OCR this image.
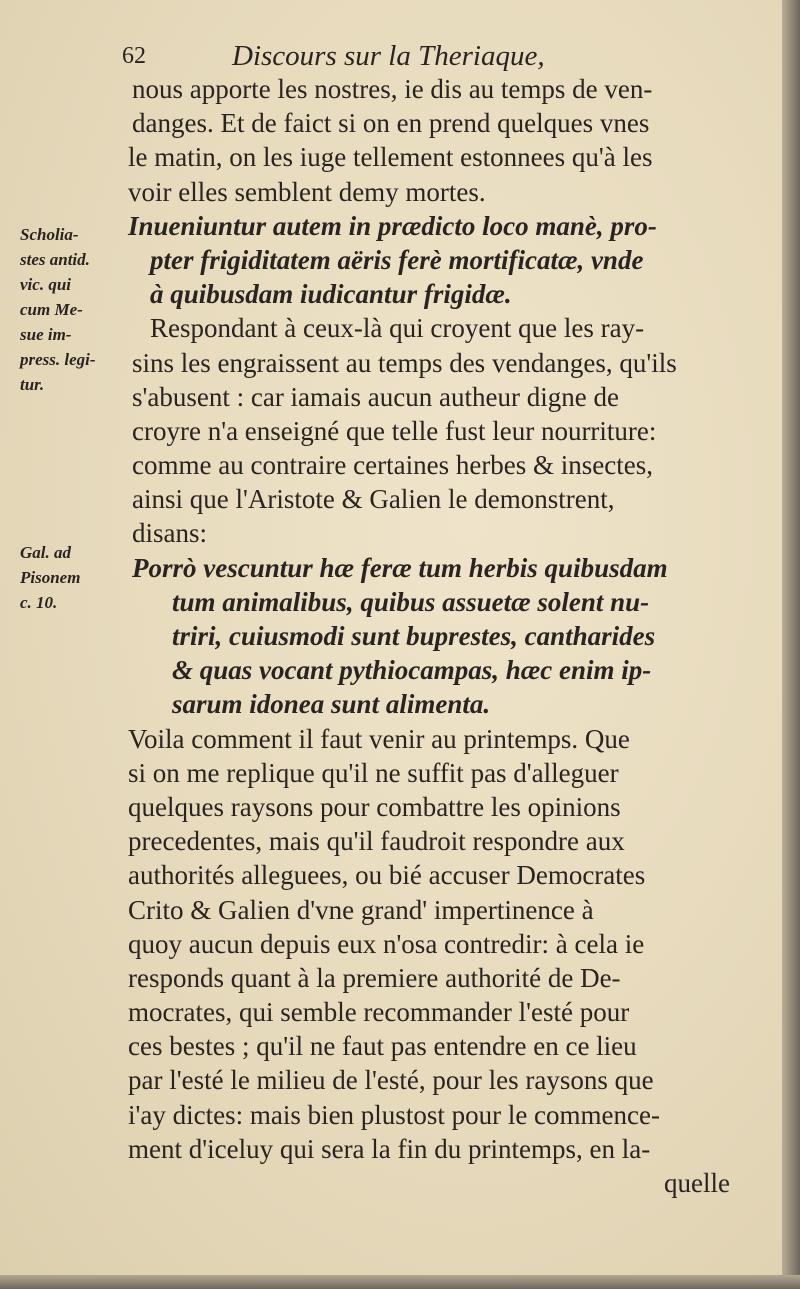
62	Discours sur la Theriaque,
Scholia-
stes antid.
vic. qui
cum Me-
sue im-
press. legi-
tur.
Gal. ad
Pisonem
c. 10.
nous apporte les nostres, ie dis au temps de ven-
danges. Et de faict si on en prend quelques vnes
le matin, on les iuge tellement estonnees qu'à les
voir elles semblent demy mortes.
Inueniuntur autem in prædicto loco manè, pro-
pter frigiditatem aëris ferè mortificatæ, vnde
à quibusdam iudicantur frigidæ.
Respondant à ceux-là qui croyent que les ray-
sins les engraissent au temps des vendanges, qu'ils
s'abusent : car iamais aucun autheur digne de
croyre n'a enseigné que telle fust leur nourriture:
comme au contraire certaines herbes & insectes,
ainsi que l'Aristote & Galien le demonstrent,
disans:
Porrò vescuntur hæ feræ tum herbis quibusdam
tum animalibus, quibus assuetæ solent nu-
triri, cuiusmodi sunt buprestes, cantharides
& quas vocant pythiocampas, hæc enim ip-
sarum idonea sunt alimenta.
Voila comment il faut venir au printemps. Que
si on me replique qu'il ne suffit pas d'alleguer
quelques raysons pour combattre les opinions
precedentes, mais qu'il faudroit respondre aux
authorités alleguees, ou bié accuser Democrates
Crito & Galien d'vne grand' impertinence à
quoy aucun depuis eux n'osa contredir: à cela ie
responds quant à la premiere authorité de De-
mocrates, qui semble recommander l'esté pour
ces bestes ; qu'il ne faut pas entendre en ce lieu
par l'esté le milieu de l'esté, pour les raysons que
i'ay dictes: mais bien plustost pour le commence-
ment d'iceluy qui sera la fin du printemps, en la-
quelle
